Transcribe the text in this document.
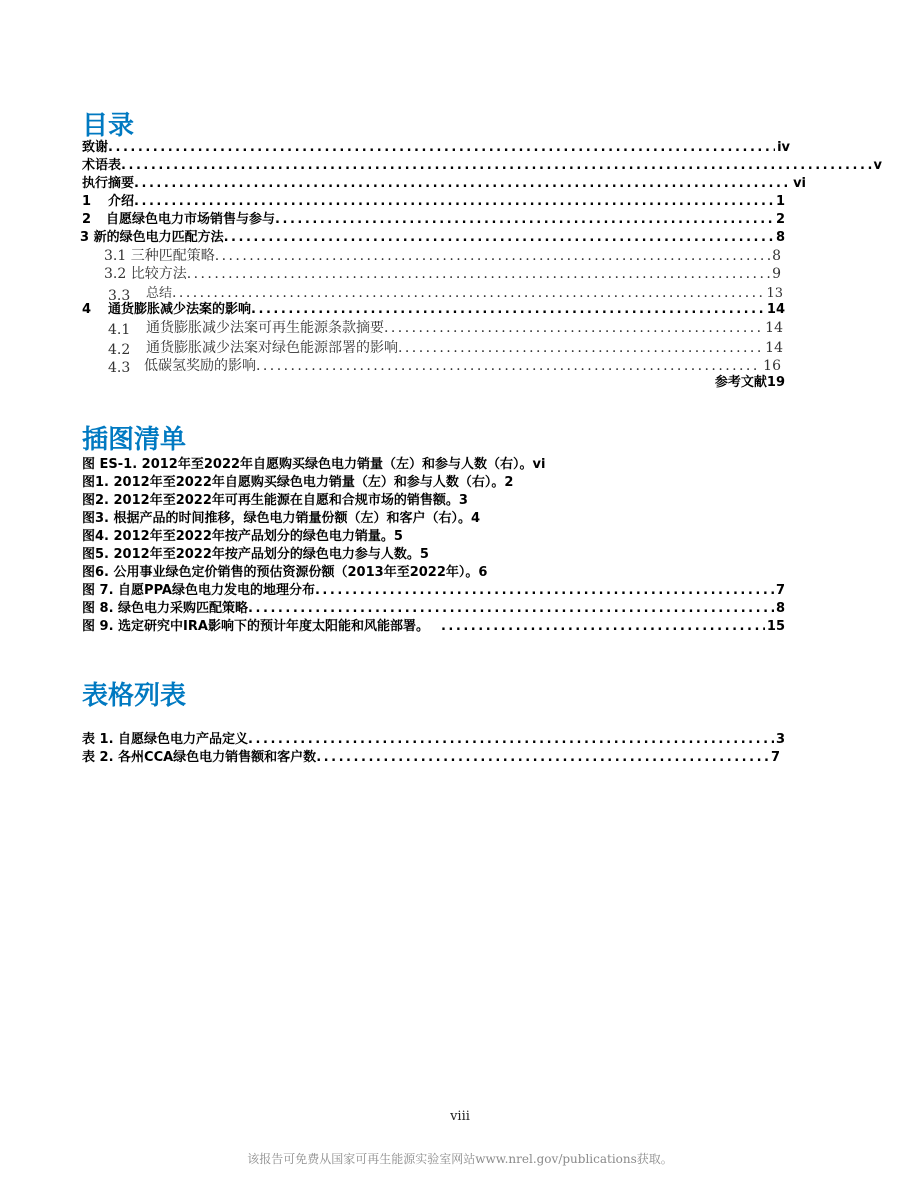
目录
致谢 . . .	iv
术语表 . . .	v
执行摘要 . . .	vi
1	介绍 . . .	1
2	自愿绿色电力市场销售与参与 . . .	2
3 新的绿色电力匹配方法 . . .	8
3.1 三种匹配策略 . . .	8
3.2 比较方法 . . .	9
3.3	总结 . . .	13
4	通货膨胀减少法案的影响 . . .	14
4.1	通货膨胀减少法案可再生能源条款摘要 . . .	14
4.2	通货膨胀减少法案对绿色能源部署的影响 . . .	14
4.3 低碳氢奖励的影响 . . .	16
参考文献19
插图清单
图 ES-1. 2012年至2022年自愿购买绿色电力销量（左）和参与人数（右）。vi
图1. 2012年至2022年自愿购买绿色电力销量（左）和参与人数（右）。2
图2. 2012年至2022年可再生能源在自愿和合规市场的销售额。3
图3. 根据产品的时间推移，绿色电力销量份额（左）和客户（右）。4
图4. 2012年至2022年按产品划分的绿色电力销量。5
图5. 2012年至2022年按产品划分的绿色电力参与人数。5
图6. 公用事业绿色定价销售的预估资源份额（2013年至2022年）。6
图 7. 自愿PPA绿色电力发电的地理分布 . . .	7
图 8. 绿色电力采购匹配策略 . . .	8
图 9. 选定研究中IRA影响下的预计年度太阳能和风能部署。 . . .	15
表格列表
表 1. 自愿绿色电力产品定义 . . .	3
表 2. 各州CCA绿色电力销售额和客户数 . . .	7
viii
该报告可免费从国家可再生能源实验室网站www.nrel.gov/publications获取。
